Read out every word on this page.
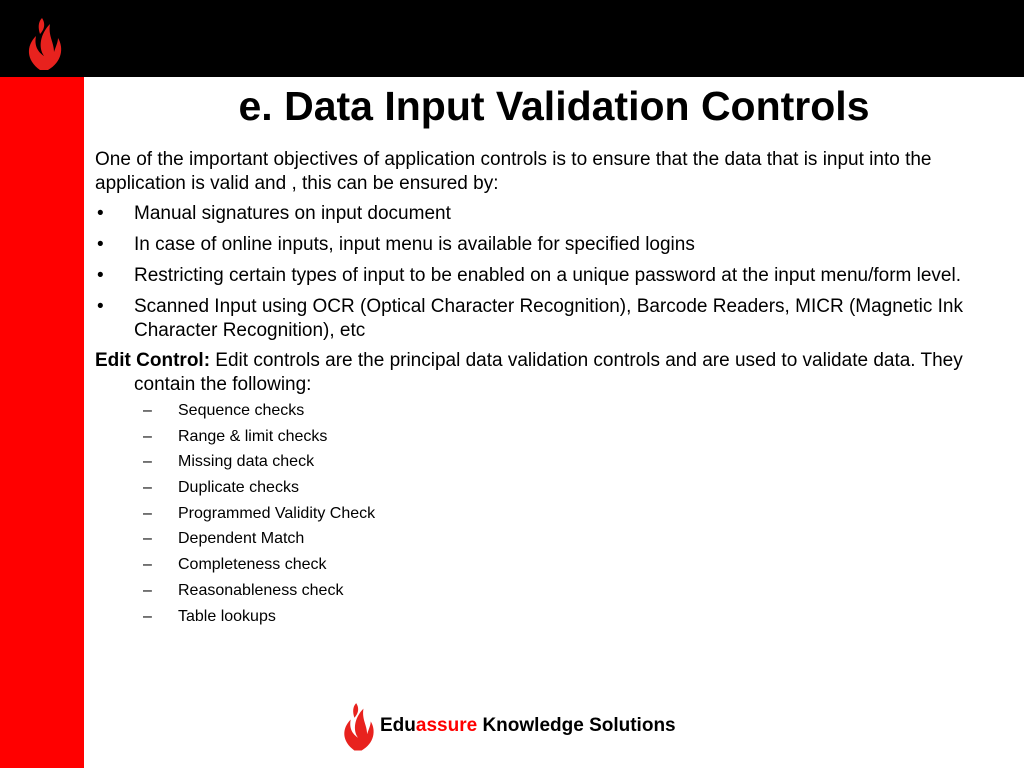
e. Data Input Validation Controls

One of the important objectives of application controls is to ensure that the data that is input into the application is valid and , this can be ensured by:

• Manual signatures on input document
• In case of online inputs, input menu is available for specified logins
• Restricting certain types of input to be enabled on a unique password at the input menu/form level.
• Scanned Input using OCR (Optical Character Recognition), Barcode Readers, MICR (Magnetic Ink Character Recognition), etc

Edit Control: Edit controls are the principal data validation controls and are used to validate data. They contain the following:

– Sequence checks
– Range & limit checks
– Missing data check
– Duplicate checks
– Programmed Validity Check
– Dependent Match
– Completeness check
– Reasonableness check
– Table lookups
Eduassure Knowledge Solutions
